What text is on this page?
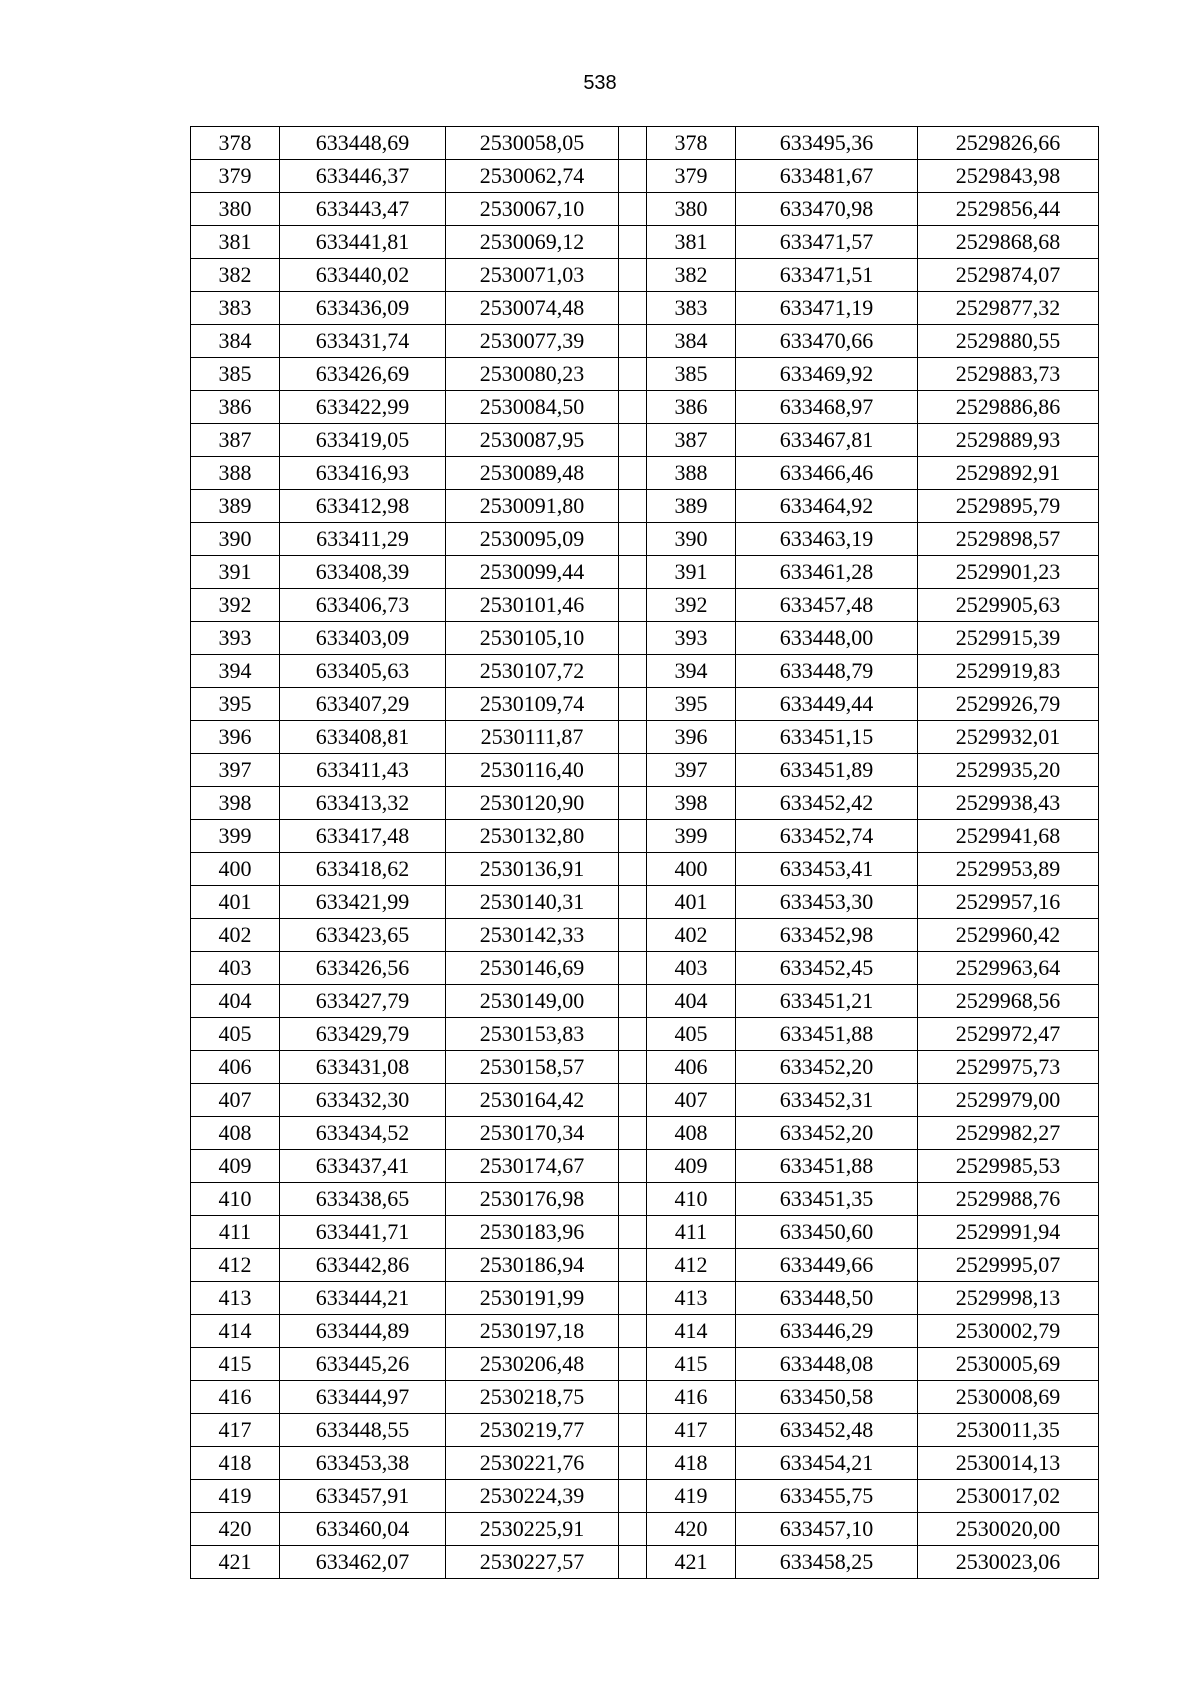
538
378	633448,69	2530058,05		378	633495,36	2529826,66
379	633446,37	2530062,74		379	633481,67	2529843,98
380	633443,47	2530067,10		380	633470,98	2529856,44
381	633441,81	2530069,12		381	633471,57	2529868,68
382	633440,02	2530071,03		382	633471,51	2529874,07
383	633436,09	2530074,48		383	633471,19	2529877,32
384	633431,74	2530077,39		384	633470,66	2529880,55
385	633426,69	2530080,23		385	633469,92	2529883,73
386	633422,99	2530084,50		386	633468,97	2529886,86
387	633419,05	2530087,95		387	633467,81	2529889,93
388	633416,93	2530089,48		388	633466,46	2529892,91
389	633412,98	2530091,80		389	633464,92	2529895,79
390	633411,29	2530095,09		390	633463,19	2529898,57
391	633408,39	2530099,44		391	633461,28	2529901,23
392	633406,73	2530101,46		392	633457,48	2529905,63
393	633403,09	2530105,10		393	633448,00	2529915,39
394	633405,63	2530107,72		394	633448,79	2529919,83
395	633407,29	2530109,74		395	633449,44	2529926,79
396	633408,81	2530111,87		396	633451,15	2529932,01
397	633411,43	2530116,40		397	633451,89	2529935,20
398	633413,32	2530120,90		398	633452,42	2529938,43
399	633417,48	2530132,80		399	633452,74	2529941,68
400	633418,62	2530136,91		400	633453,41	2529953,89
401	633421,99	2530140,31		401	633453,30	2529957,16
402	633423,65	2530142,33		402	633452,98	2529960,42
403	633426,56	2530146,69		403	633452,45	2529963,64
404	633427,79	2530149,00		404	633451,21	2529968,56
405	633429,79	2530153,83		405	633451,88	2529972,47
406	633431,08	2530158,57		406	633452,20	2529975,73
407	633432,30	2530164,42		407	633452,31	2529979,00
408	633434,52	2530170,34		408	633452,20	2529982,27
409	633437,41	2530174,67		409	633451,88	2529985,53
410	633438,65	2530176,98		410	633451,35	2529988,76
411	633441,71	2530183,96		411	633450,60	2529991,94
412	633442,86	2530186,94		412	633449,66	2529995,07
413	633444,21	2530191,99		413	633448,50	2529998,13
414	633444,89	2530197,18		414	633446,29	2530002,79
415	633445,26	2530206,48		415	633448,08	2530005,69
416	633444,97	2530218,75		416	633450,58	2530008,69
417	633448,55	2530219,77		417	633452,48	2530011,35
418	633453,38	2530221,76		418	633454,21	2530014,13
419	633457,91	2530224,39		419	633455,75	2530017,02
420	633460,04	2530225,91		420	633457,10	2530020,00
421	633462,07	2530227,57		421	633458,25	2530023,06
